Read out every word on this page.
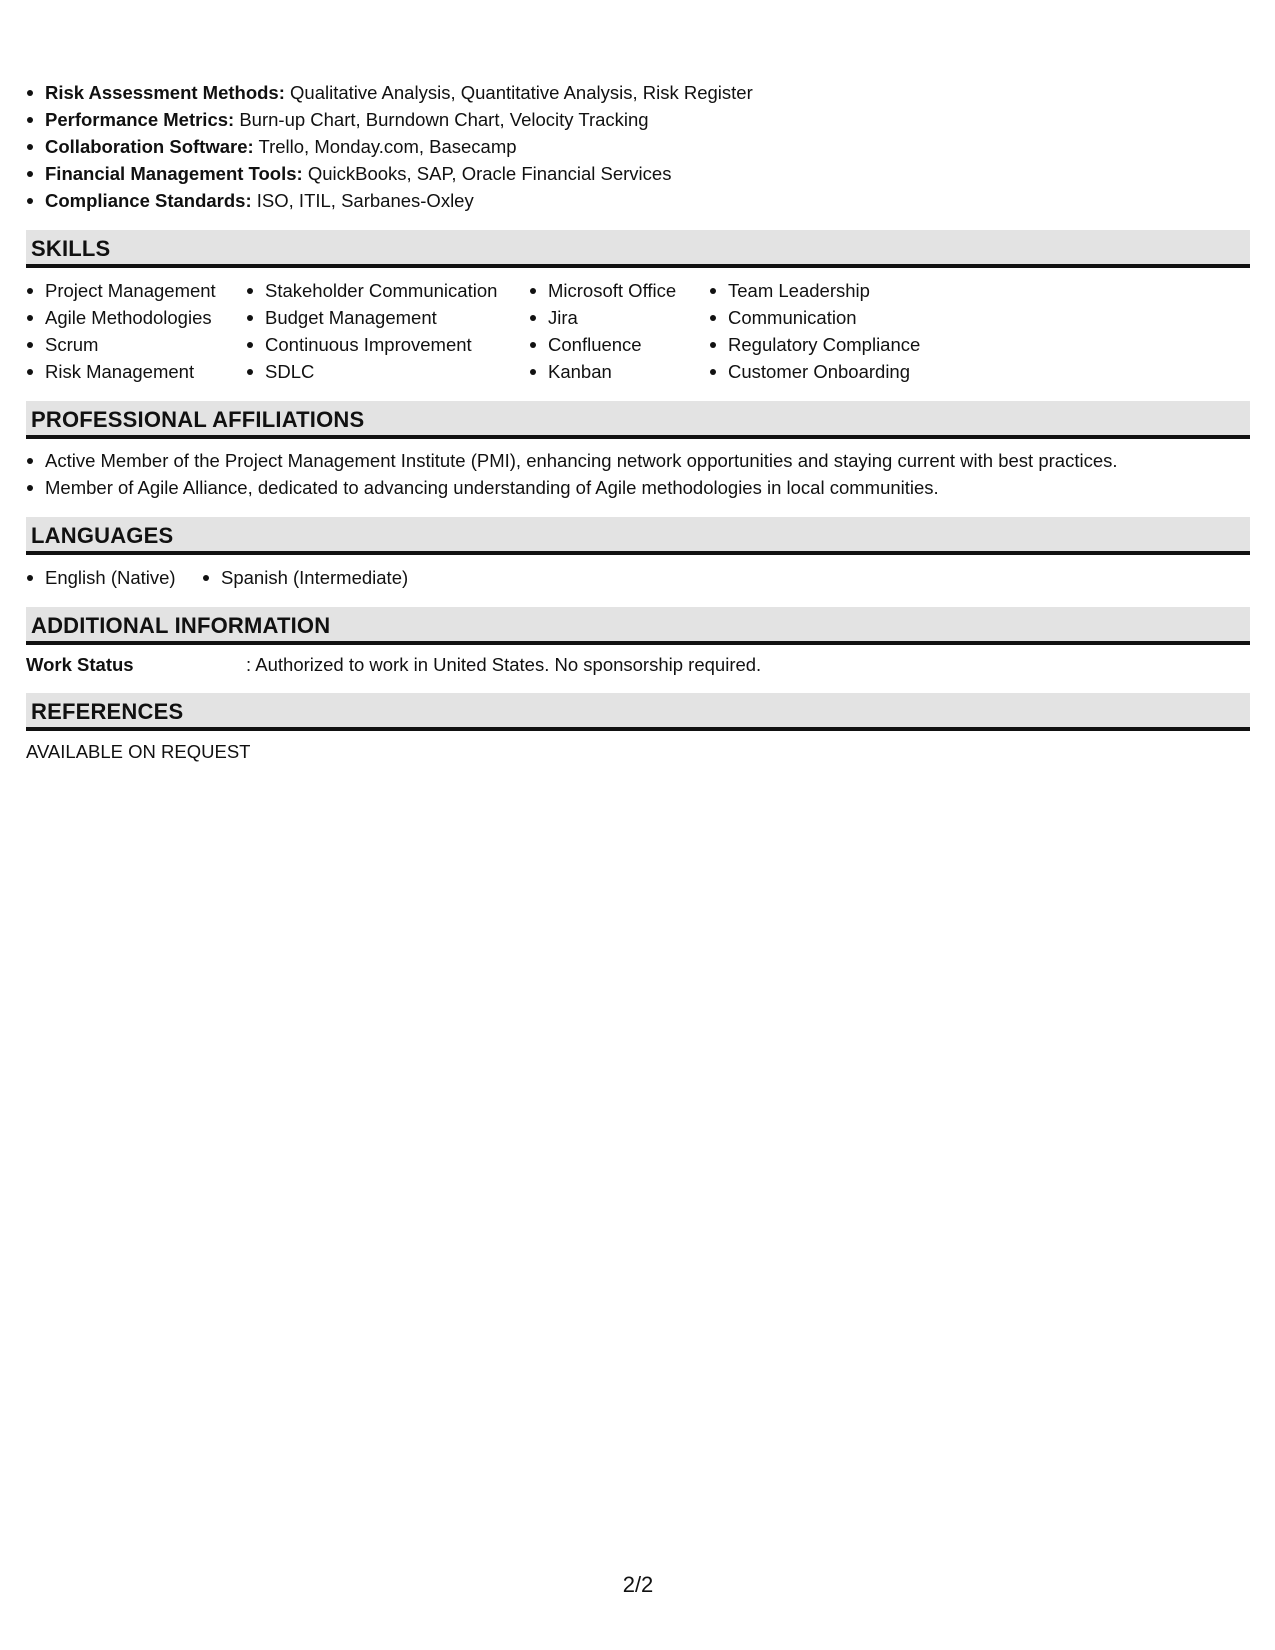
Risk Assessment Methods: Qualitative Analysis, Quantitative Analysis, Risk Register
Performance Metrics: Burn-up Chart, Burndown Chart, Velocity Tracking
Collaboration Software: Trello, Monday.com, Basecamp
Financial Management Tools: QuickBooks, SAP, Oracle Financial Services
Compliance Standards: ISO, ITIL, Sarbanes-Oxley
SKILLS
Project Management
Agile Methodologies
Scrum
Risk Management
Stakeholder Communication
Budget Management
Continuous Improvement
SDLC
Microsoft Office
Jira
Confluence
Kanban
Team Leadership
Communication
Regulatory Compliance
Customer Onboarding
PROFESSIONAL AFFILIATIONS
Active Member of the Project Management Institute (PMI), enhancing network opportunities and staying current with best practices.
Member of Agile Alliance, dedicated to advancing understanding of Agile methodologies in local communities.
LANGUAGES
English (Native)	Spanish (Intermediate)
ADDITIONAL INFORMATION
Work Status	: Authorized to work in United States. No sponsorship required.
REFERENCES
AVAILABLE ON REQUEST
2/2
